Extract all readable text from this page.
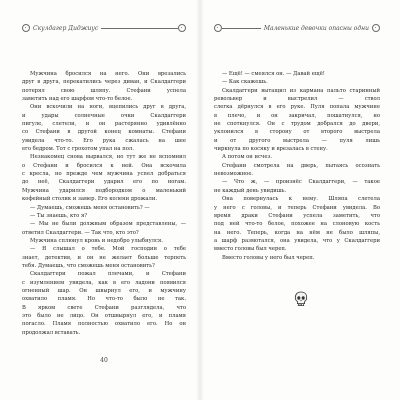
Скулдагер Диджиус
Мужчина бросился на него. Они врезались
друг в друга, перекатились через диван, и Скалдаггери
потерял свою шляпу. Стефани успела
заметить над его шарфом что-то белое.
Они вскочили на ноги, вцепились друг в друга,
и удары солнечные очки Скалдаггери
пигуле, слетели, и он растерянно удивлённо
со Стефани в другой конец комнаты. Стефани
увидела что-то. Его рука сжалась на шее
его бедром. Тот с грохотом упал на пол.
Незнакомец снова вырвался, но тут же не вспомнил
о Стефани и бросился к ней. Она вскочила
с кресла, но прежде чем мужчина успел добраться
до неё, Скалдаггери ударил его по ногам.
Мужчина ударился подбородком о маленький
кофейный столик и замер. Его колени дрожали.
— Думаешь, сможешь меня остановить? —
— Ты знаешь, кто я?
— Мы не были должным образом представлены, —
ответил Скалдаггери. — Так что, кто это?
Мужчина сплюнул кровь и недобро улыбнулся.
— Я слышал о тебе. Мой господин о тебе
знает, детектив, и он не желает больше терпеть
тебя. Думаешь, что сможешь меня остановить?
Скалдаггери пожал плечами, и Стефани
с изумлением увидела, как в его ладони появился
огненный шар. Он швырнул его, и мужчину
охватило пламя. Но что-то было не так.
В ярком свете Стефани разглядела, что
это было не лицо. Он отшвырнул его, и пламя
погасло. Пламя полностью охватило его. Но он
продолжал вставать.
40
Маленькие девочки опасны одни
— Ещё! — смеялся он. — Давай ещё!
— Как скажешь.
Скалдаггери вытащил из кармана пальто старинный
револьвер и выстрелил — ствол
слегка дёрнулся в его руке. Пуля попала мужчине
в плечо, и он закричал, пошатнулся, но
не споткнулся. Он с трудом добрался до двери,
уклонился в сторону от второго выстрела
и от другого выстрела — пуля лишь
чиркнула по косяку и врезалась в стену.
А потом он исчез.
Стефани смотрела на дверь, пытаясь осознать
невозможное.
— Что ж, — произнёс Скалдаггери, — такое
не каждый день увидишь.
Она повернулась к нему. Шляпа слетела
у него с головы, и теперь Стефани увидела. Во
время драки Стефани успела заметить, что
под ней что-то белое, похожее на слоновую кость
на него. Теперь, когда на нём не было шляпы,
а шарф размотался, она увидела, что у Скалдаггери
вместо головы был череп.
Вместо головы у него был череп.
